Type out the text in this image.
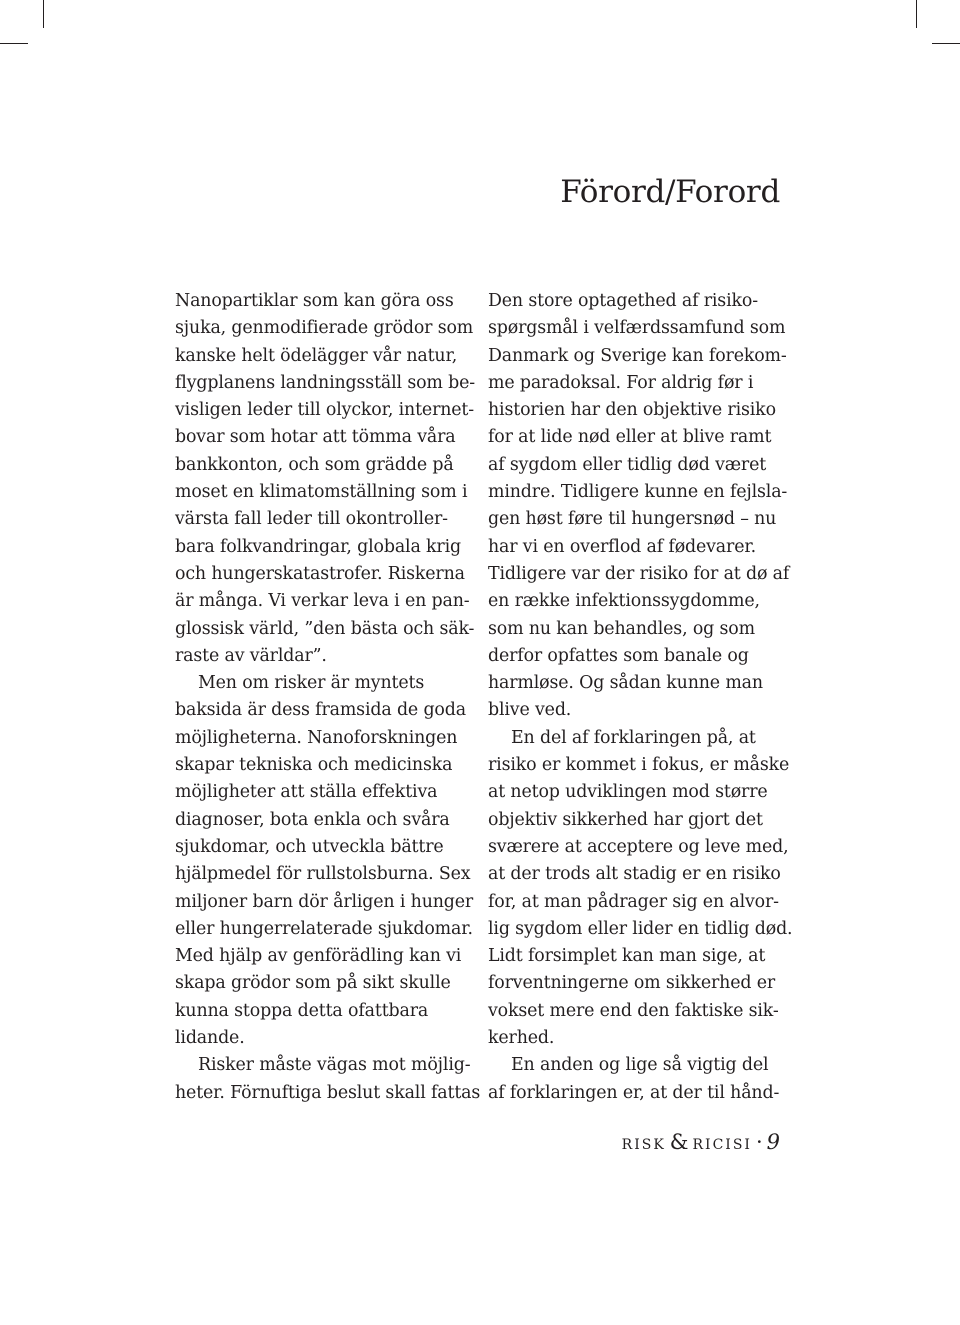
Förord/Forord
Nanopartiklar som kan göra oss
sjuka, genmodifierade grödor som
kanske helt ödelägger vår natur,
flygplanens landningsställ som be-
visligen leder till olyckor, internet-
bovar som hotar att tömma våra
bankkonton, och som grädde på
moset en klimatomställning som i
värsta fall leder till okontroller-
bara folkvandringar, globala krig
och hungerskatastrofer. Riskerna
är många. Vi verkar leva i en pan-
glossisk värld, ”den bästa och säk-
raste av världar”.
Men om risker är myntets
baksida är dess framsida de goda
möjligheterna. Nanoforskningen
skapar tekniska och medicinska
möjligheter att ställa effektiva
diagnoser, bota enkla och svåra
sjukdomar, och utveckla bättre
hjälpmedel för rullstolsburna. Sex
miljoner barn dör årligen i hunger
eller hungerrelaterade sjukdomar.
Med hjälp av genförädling kan vi
skapa grödor som på sikt skulle
kunna stoppa detta ofattbara
lidande.
Risker måste vägas mot möjlig-
heter. Förnuftiga beslut skall fattas
Den store optagethed af risiko-
spørgsmål i velfærdssamfund som
Danmark og Sverige kan forekom-
me paradoksal. For aldrig før i
historien har den objektive risiko
for at lide nød eller at blive ramt
af sygdom eller tidlig død været
mindre. Tidligere kunne en fejlsla-
gen høst føre til hungersnød – nu
har vi en overflod af fødevarer.
Tidligere var der risiko for at dø af
en række infektionssygdomme,
som nu kan behandles, og som
derfor opfattes som banale og
harmløse. Og sådan kunne man
blive ved.
En del af forklaringen på, at
risiko er kommet i fokus, er måske
at netop udviklingen mod større
objektiv sikkerhed har gjort det
sværere at acceptere og leve med,
at der trods alt stadig er en risiko
for, at man pådrager sig en alvor-
lig sygdom eller lider en tidlig død.
Lidt forsimplet kan man sige, at
forventningerne om sikkerhed er
vokset mere end den faktiske sik-
kerhed.
En anden og lige så vigtig del
af forklaringen er, at der til hånd-
risk & ricisi · 9
